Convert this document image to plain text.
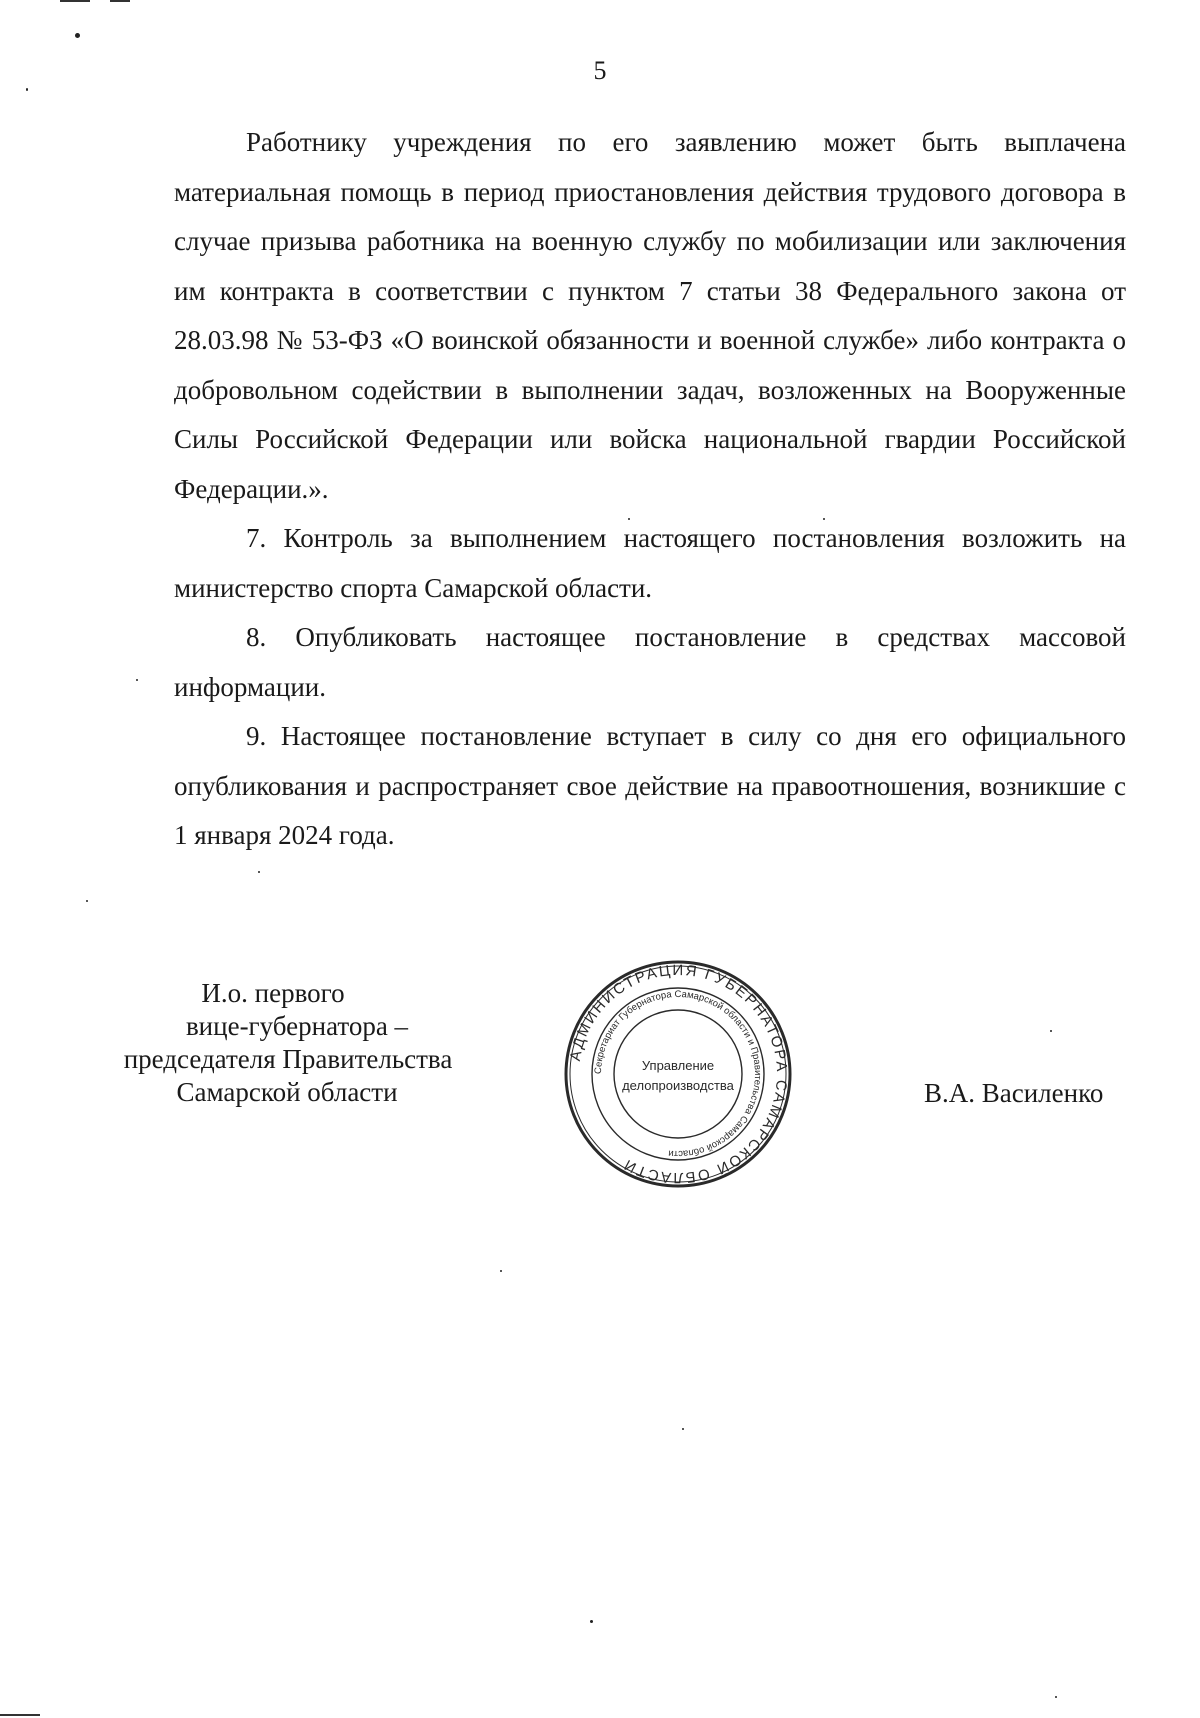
5

Работнику учреждения по его заявлению может быть выплачена материальная помощь в период приостановления действия трудового договора в случае призыва работника на военную службу по мобилизации или заключения им контракта в соответствии с пунктом 7 статьи 38 Федерального закона от 28.03.98 № 53-ФЗ «О воинской обязанности и военной службе» либо контракта о добровольном содействии в выполнении задач, возложенных на Вооруженные Силы Российской Федерации или войска национальной гвардии Российской Федерации.».

7. Контроль за выполнением настоящего постановления возложить на министерство спорта Самарской области.

8. Опубликовать настоящее постановление в средствах массовой информации.

9. Настоящее постановление вступает в силу со дня его официального опубликования и распространяет свое действие на правоотношения, возникшие с 1 января 2024 года.

И.о. первого
вице-губернатора –
председателя Правительства
Самарской области
АДМИНИСТРАЦИЯ ГУБЕРНАТОРА САМАРСКОЙ ОБЛАСТИ
Секретариат Губернатора Самарской области и Правительства Самарской области
Управление
делопроизводства	В.А. Василенко
